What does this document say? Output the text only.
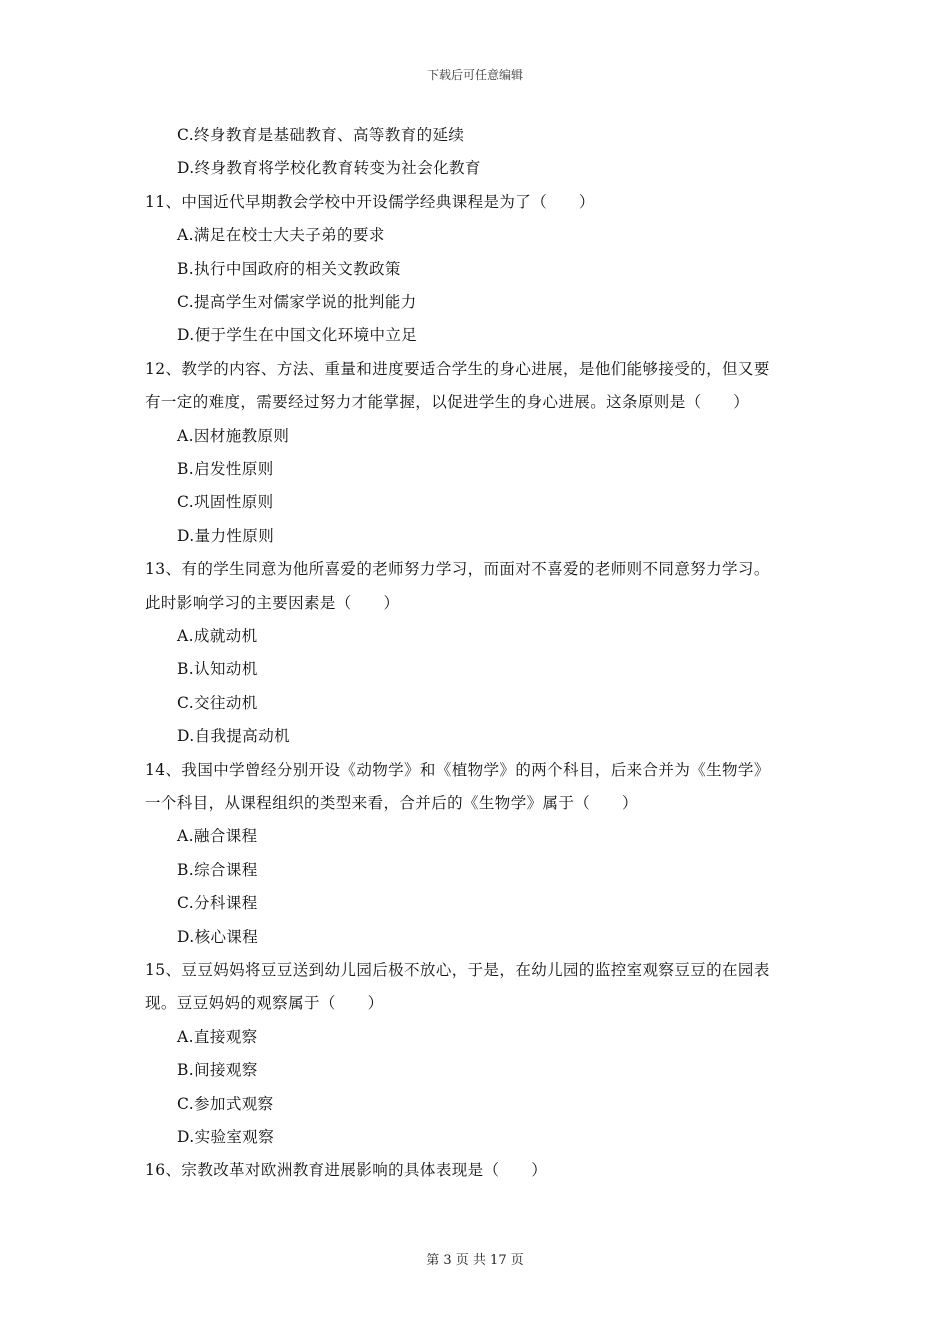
下载后可任意编辑
C.终身教育是基础教育、高等教育的延续
D.终身教育将学校化教育转变为社会化教育
11、中国近代早期教会学校中开设儒学经典课程是为了（　　）
A.满足在校士大夫子弟的要求
B.执行中国政府的相关文教政策
C.提高学生对儒家学说的批判能力
D.便于学生在中国文化环境中立足
12、教学的内容、方法、重量和进度要适合学生的身心进展，是他们能够接受的，但又要
有一定的难度，需要经过努力才能掌握，以促进学生的身心进展。这条原则是（　　）
A.因材施教原则
B.启发性原则
C.巩固性原则
D.量力性原则
13、有的学生同意为他所喜爱的老师努力学习，而面对不喜爱的老师则不同意努力学习。
此时影响学习的主要因素是（　　）
A.成就动机
B.认知动机
C.交往动机
D.自我提高动机
14、我国中学曾经分别开设《动物学》和《植物学》的两个科目，后来合并为《生物学》
一个科目，从课程组织的类型来看，合并后的《生物学》属于（　　）
A.融合课程
B.综合课程
C.分科课程
D.核心课程
15、豆豆妈妈将豆豆送到幼儿园后极不放心，于是，在幼儿园的监控室观察豆豆的在园表
现。豆豆妈妈的观察属于（　　）
A.直接观察
B.间接观察
C.参加式观察
D.实验室观察
16、宗教改革对欧洲教育进展影响的具体表现是（　　）
第 3 页 共 17 页
